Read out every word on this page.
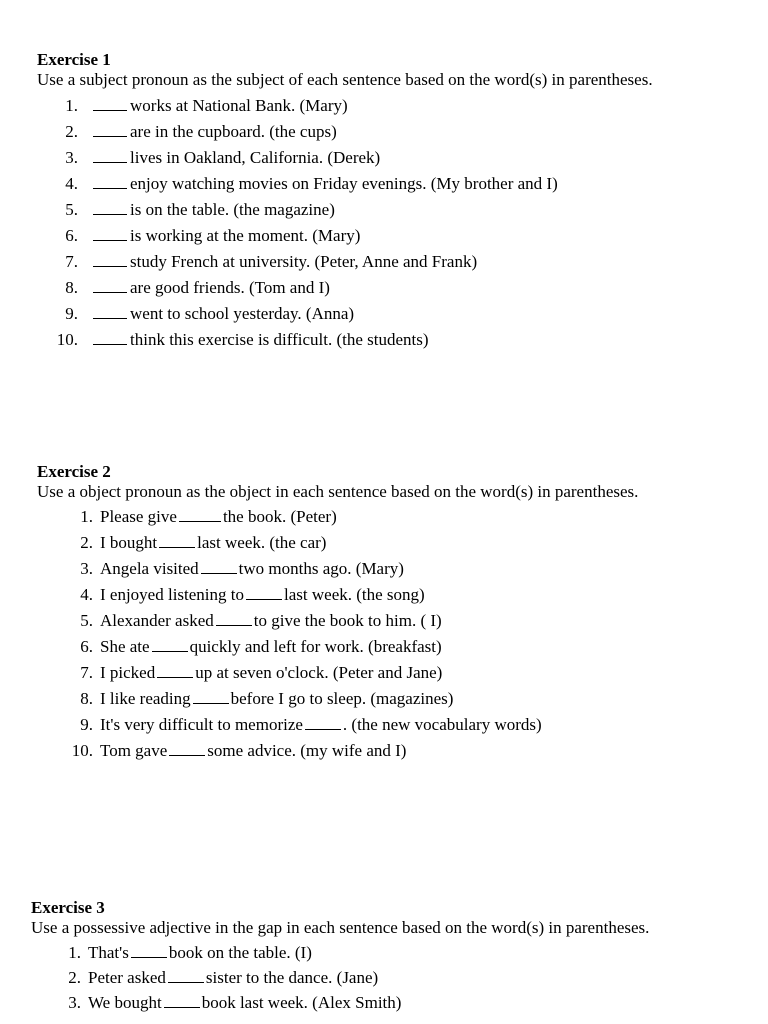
Exercise 1
Use a subject pronoun as the subject of each sentence based on the word(s) in parentheses.
1.	works at National Bank. (Mary)
2.	are in the cupboard. (the cups)
3.	lives in Oakland, California. (Derek)
4.	enjoy watching movies on Friday evenings. (My brother and I)
5.	is on the table. (the magazine)
6.	is working at the moment. (Mary)
7.	study French at university. (Peter, Anne and Frank)
8.	are good friends. (Tom and I)
9.	went to school yesterday. (Anna)
10.	think this exercise is difficult. (the students)
Exercise 2
Use a object pronoun as the object in each sentence based on the word(s) in parentheses.
1. Please give	the book. (Peter)
2. I bought last week. (the car)
3. Angela visited two months ago. (Mary)
4. I enjoyed listening to last week. (the song)
5. Alexander asked to give the book to him. ( I)
6. She ate quickly and left for work. (breakfast)
7. I picked up at seven o'clock. (Peter and Jane)
8. I like reading before I go to sleep. (magazines)
9. It's very difficult to memorize . (the new vocabulary words)
10. Tom gave some advice. (my wife and I)
Exercise 3
Use a possessive adjective in the gap in each sentence based on the word(s) in parentheses.
1. That's book on the table. (I)
2. Peter asked sister to the dance. (Jane)
3. We bought book last week. (Alex Smith)
